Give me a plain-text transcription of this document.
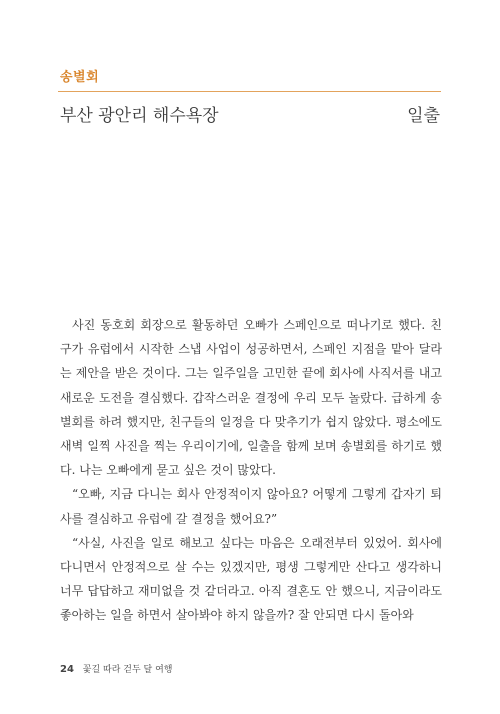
송별회
부산 광안리 해수욕장	일출

사진 동호회 회장으로 활동하던 오빠가 스페인으로 떠나기로 했다. 친구가 유럽에서 시작한 스냅 사업이 성공하면서, 스페인 지점을 맡아 달라는 제안을 받은 것이다. 그는 일주일을 고민한 끝에 회사에 사직서를 내고 새로운 도전을 결심했다. 갑작스러운 결정에 우리 모두 놀랐다. 급하게 송별회를 하려 했지만, 친구들의 일정을 다 맞추기가 쉽지 않았다. 평소에도 새벽 일찍 사진을 찍는 우리이기에, 일출을 함께 보며 송별회를 하기로 했다. 나는 오빠에게 묻고 싶은 것이 많았다.

“오빠, 지금 다니는 회사 안정적이지 않아요? 어떻게 그렇게 갑자기 퇴사를 결심하고 유럽에 갈 결정을 했어요?”

“사실, 사진을 일로 해보고 싶다는 마음은 오래전부터 있었어. 회사에 다니면서 안정적으로 살 수는 있겠지만, 평생 그렇게만 산다고 생각하니 너무 답답하고 재미없을 것 같더라고. 아직 결혼도 안 했으니, 지금이라도 좋아하는 일을 하면서 살아봐야 하지 않을까? 잘 안되면 다시 돌아와

24 꽃길 따라 걷두 달 여행
